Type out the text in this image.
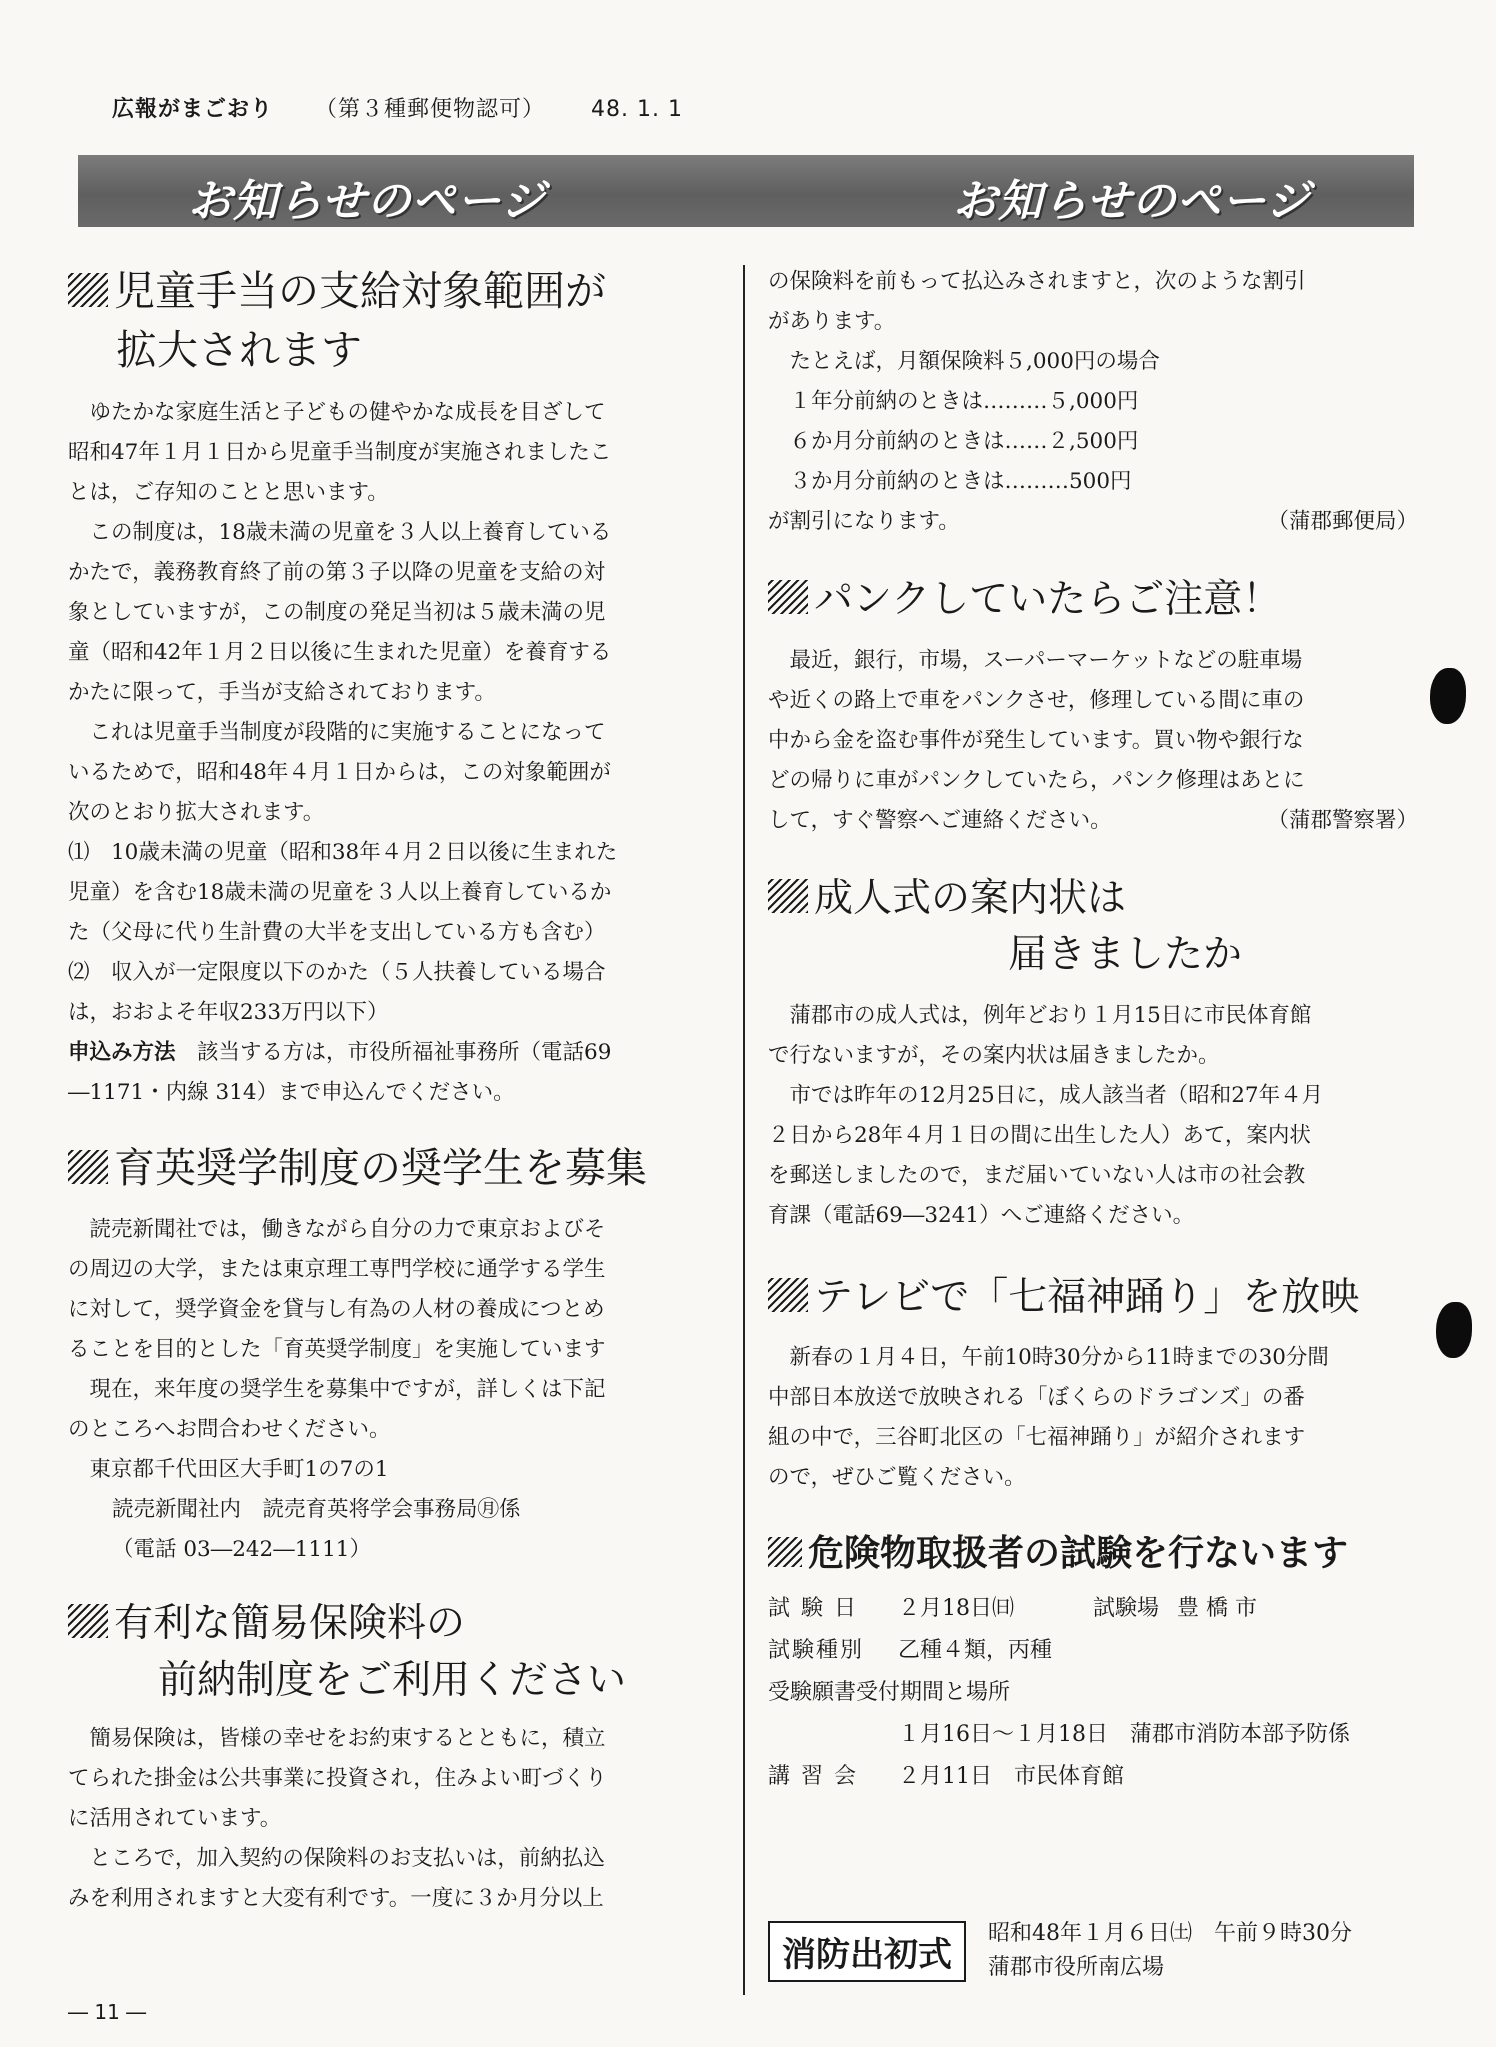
広報がまごおり （第３種郵便物認可） 48. 1. 1
お知らせのページ	お知らせのページ
児童手当の支給対象範囲が
拡大されます

ゆたかな家庭生活と子どもの健やかな成長を目ざして

昭和47年１月１日から児童手当制度が実施されましたこ

とは，ご存知のことと思います。

この制度は，18歳未満の児童を３人以上養育している

かたで，義務教育終了前の第３子以降の児童を支給の対

象としていますが，この制度の発足当初は５歳未満の児

童（昭和42年１月２日以後に生まれた児童）を養育する

かたに限って，手当が支給されております。

これは児童手当制度が段階的に実施することになって

いるためで，昭和48年４月１日からは，この対象範囲が

次のとおり拡大されます。

⑴　10歳未満の児童（昭和38年４月２日以後に生まれた

児童）を含む18歳未満の児童を３人以上養育しているか

た（父母に代り生計費の大半を支出している方も含む）

⑵　収入が一定限度以下のかた（５人扶養している場合

は，おおよそ年収233万円以下）

申込み方法　 該当する方は，市役所福祉事務所（電話69

―1171・内線 314）まで申込んでください。

育英奨学制度の奨学生を募集

読売新聞社では，働きながら自分の力で東京およびそ

の周辺の大学，または東京理工専門学校に通学する学生

に対して，奨学資金を貸与し有為の人材の養成につとめ

ることを目的とした「育英奨学制度」を実施しています

現在，来年度の奨学生を募集中ですが，詳しくは下記

のところへお問合わせください。

東京都千代田区大手町1の7の1

読売新聞社内　読売育英将学会事務局㊊係

（電話 03―242―1111）

有利な簡易保険料の
前納制度をご利用ください

簡易保険は，皆様の幸せをお約束するとともに，積立

てられた掛金は公共事業に投資され，住みよい町づくり

に活用されています。

ところで，加入契約の保険料のお支払いは，前納払込

みを利用されますと大変有利です。一度に３か月分以上

の保険料を前もって払込みされますと，次のような割引

があります。

たとえば，月額保険料５,000円の場合

１年分前納のときは………５,000円

６か月分前納のときは……２,500円

３か月分前納のときは………500円

が割引になります。	（蒲郡郵便局）

パンクしていたらご注意！

最近，銀行，市場，スーパーマーケットなどの駐車場

や近くの路上で車をパンクさせ，修理している間に車の

中から金を盗む事件が発生しています。買い物や銀行な

どの帰りに車がパンクしていたら，パンク修理はあとに

して，すぐ警察へご連絡ください。	（蒲郡警察署）

成人式の案内状は
届きましたか

蒲郡市の成人式は，例年どおり１月15日に市民体育館

で行ないますが，その案内状は届きましたか。

市では昨年の12月25日に，成人該当者（昭和27年４月

２日から28年４月１日の間に出生した人）あて，案内状

を郵送しましたので，まだ届いていない人は市の社会教

育課（電話69―3241）へご連絡ください。

テレビで「七福神踊り」を放映

新春の１月４日，午前10時30分から11時までの30分間

中部日本放送で放映される「ぼくらのドラゴンズ」の番

組の中で，三谷町北区の「七福神踊り」が紹介されます

ので，ぜひご覧ください。

危険物取扱者の試験を行ないます
試 験 日	２月18日㈰	試験場 豊 橋 市
試験種別	乙種４類，丙種
受験願書受付期間と場所
１月16日～１月18日　蒲郡市消防本部予防係
講 習 会	２月11日　市民体育館
消防出初式
昭和48年１月６日㈯　午前９時30分
蒲郡市役所南広場
― 11 ―
